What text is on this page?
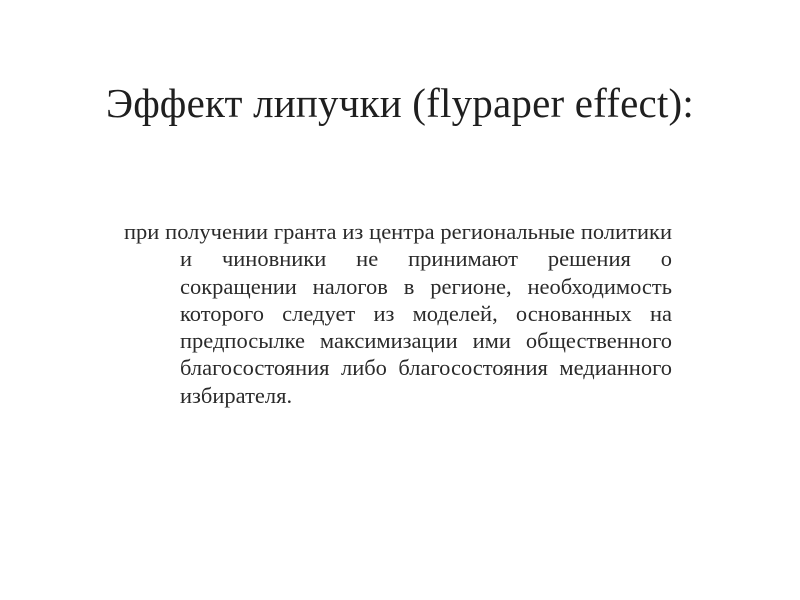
Эффект липучки (flypaper effect):
при получении гранта из центра региональные политики и чиновники не принимают решения о сокращении налогов в регионе, необходимость которого следует из моделей, основанных на предпосылке максимизации ими общественного благосостояния либо благосостояния медианного избирателя.
